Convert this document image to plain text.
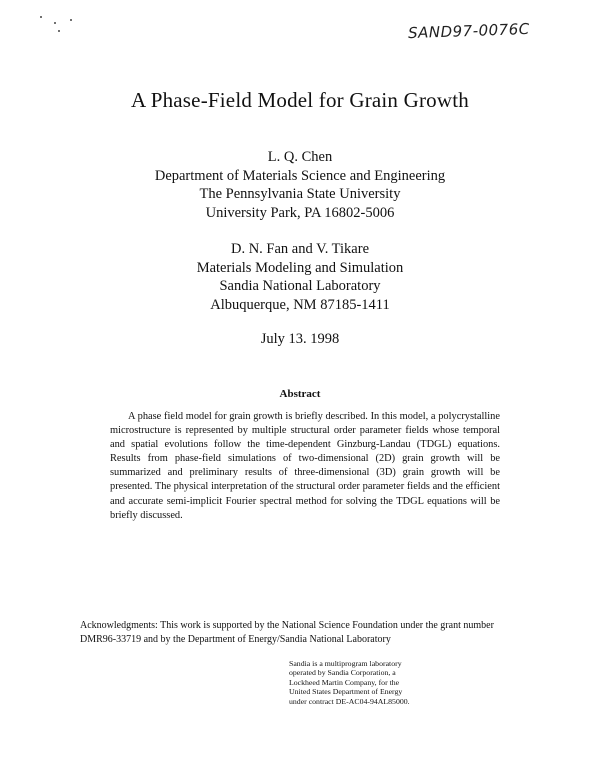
SAND97-0076C
A Phase-Field Model for Grain Growth
L. Q. Chen
Department of Materials Science and Engineering
The Pennsylvania State University
University Park, PA 16802-5006
D. N. Fan and V. Tikare
Materials Modeling and Simulation
Sandia National Laboratory
Albuquerque, NM 87185-1411
July 13. 1998
Abstract
A phase field model for grain growth is briefly described. In this model, a polycrystalline microstructure is represented by multiple structural order parameter fields whose temporal and spatial evolutions follow the time-dependent Ginzburg-Landau (TDGL) equations. Results from phase-field simulations of two-dimensional (2D) grain growth will be summarized and preliminary results of three-dimensional (3D) grain growth will be presented. The physical interpretation of the structural order parameter fields and the efficient and accurate semi-implicit Fourier spectral method for solving the TDGL equations will be briefly discussed.
Acknowledgments: This work is supported by the National Science Foundation under the grant number DMR96-33719 and by the Department of Energy/Sandia National Laboratory
Sandia is a multiprogram laboratory
operated by Sandia Corporation, a
Lockheed Martin Company, for the
United States Department of Energy
under contract DE-AC04-94AL85000.
